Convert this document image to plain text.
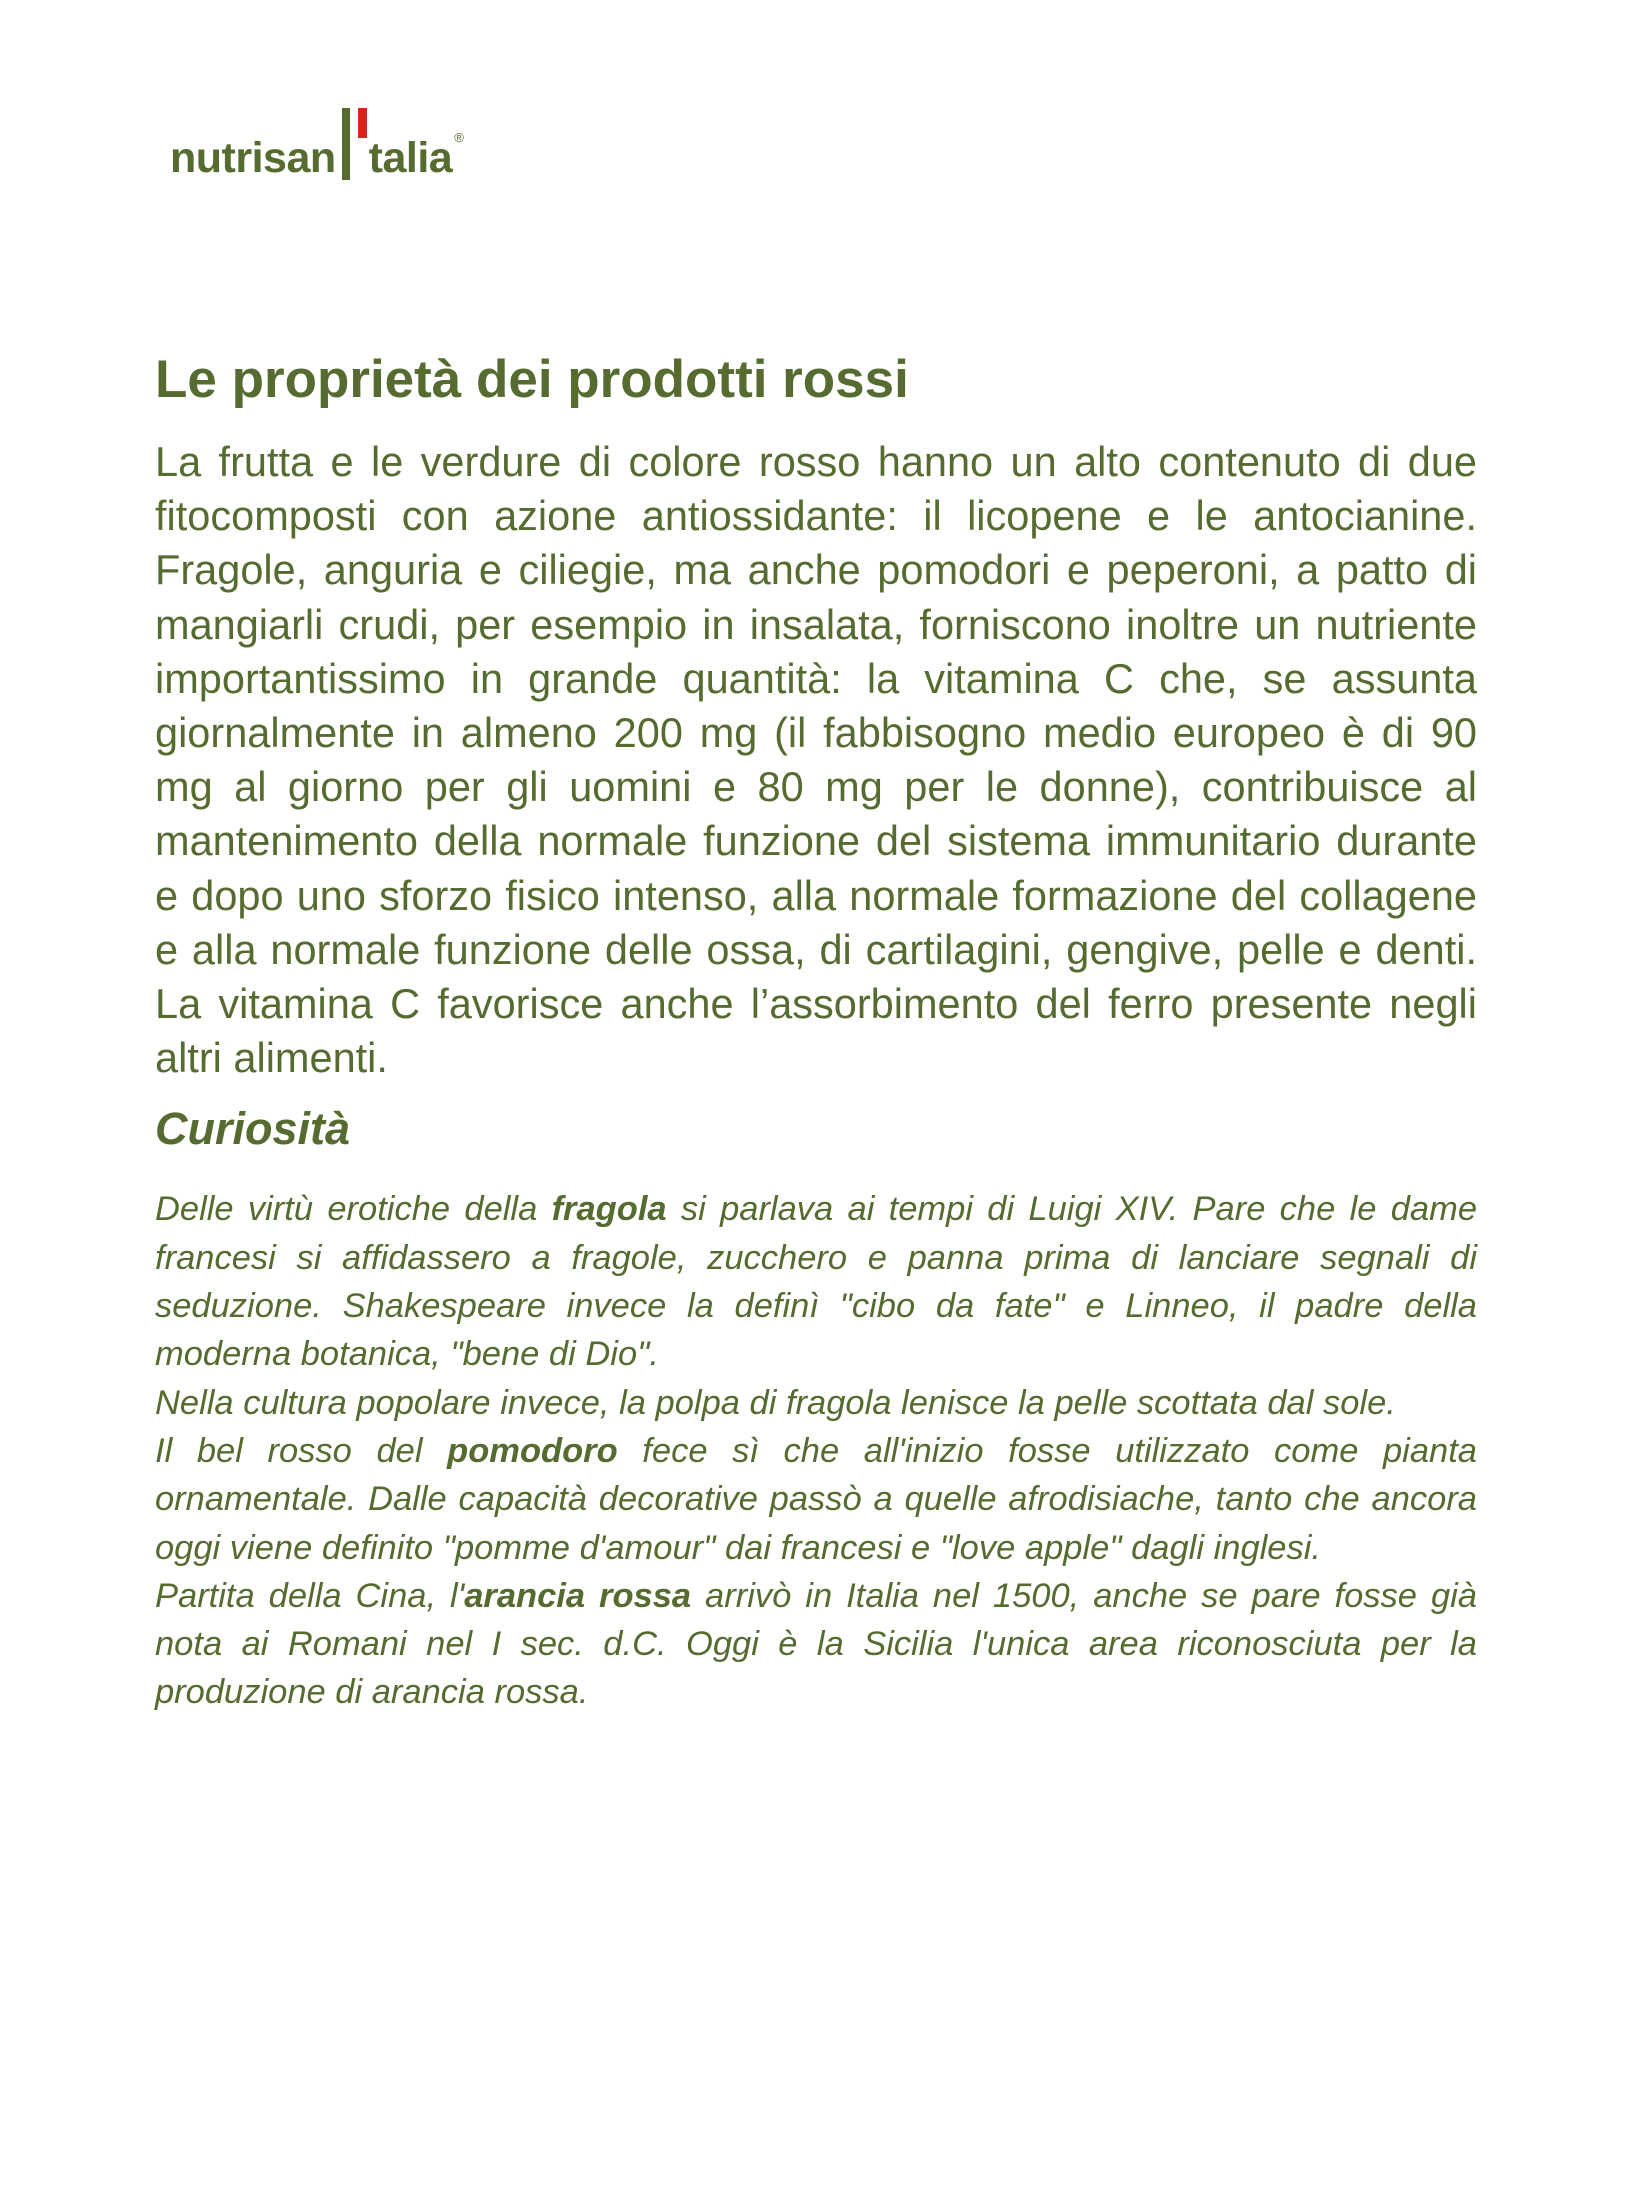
nutrisan talia ®
Le proprietà dei prodotti rossi

La frutta e le verdure di colore rosso hanno un alto contenuto di due fitocomposti con azione antiossidante: il licopene e le antocianine. Fragole, anguria e ciliegie, ma anche pomodori e peperoni, a patto di mangiarli crudi, per esempio in insalata, forniscono inoltre un nutriente importantissimo in grande quantità: la vitamina C che, se assunta giornalmente in almeno 200 mg (il fabbisogno medio europeo è di 90 mg al giorno per gli uomini e 80 mg per le donne), contribuisce al mantenimento della normale funzione del sistema immunitario durante e dopo uno sforzo fisico intenso, alla normale formazione del collagene e alla normale funzione delle ossa, di cartilagini, gengive, pelle e denti. La vitamina C favorisce anche l’assorbimento del ferro presente negli altri alimenti.

Curiosità
Delle virtù erotiche della fragola si parlava ai tempi di Luigi XIV. Pare che le dame francesi si affidassero a fragole, zucchero e panna prima di lanciare segnali di seduzione. Shakespeare invece la definì "cibo da fate" e Linneo, il padre della moderna botanica, "bene di Dio".
Nella cultura popolare invece, la polpa di fragola lenisce la pelle scottata dal sole.
Il bel rosso del pomodoro fece sì che all'inizio fosse utilizzato come pianta ornamentale. Dalle capacità decorative passò a quelle afrodisiache, tanto che ancora oggi viene definito "pomme d'amour" dai francesi e "love apple" dagli inglesi.
Partita della Cina, l'arancia rossa arrivò in Italia nel 1500, anche se pare fosse già nota ai Romani nel I sec. d.C. Oggi è la Sicilia l'unica area riconosciuta per la produzione di arancia rossa.
